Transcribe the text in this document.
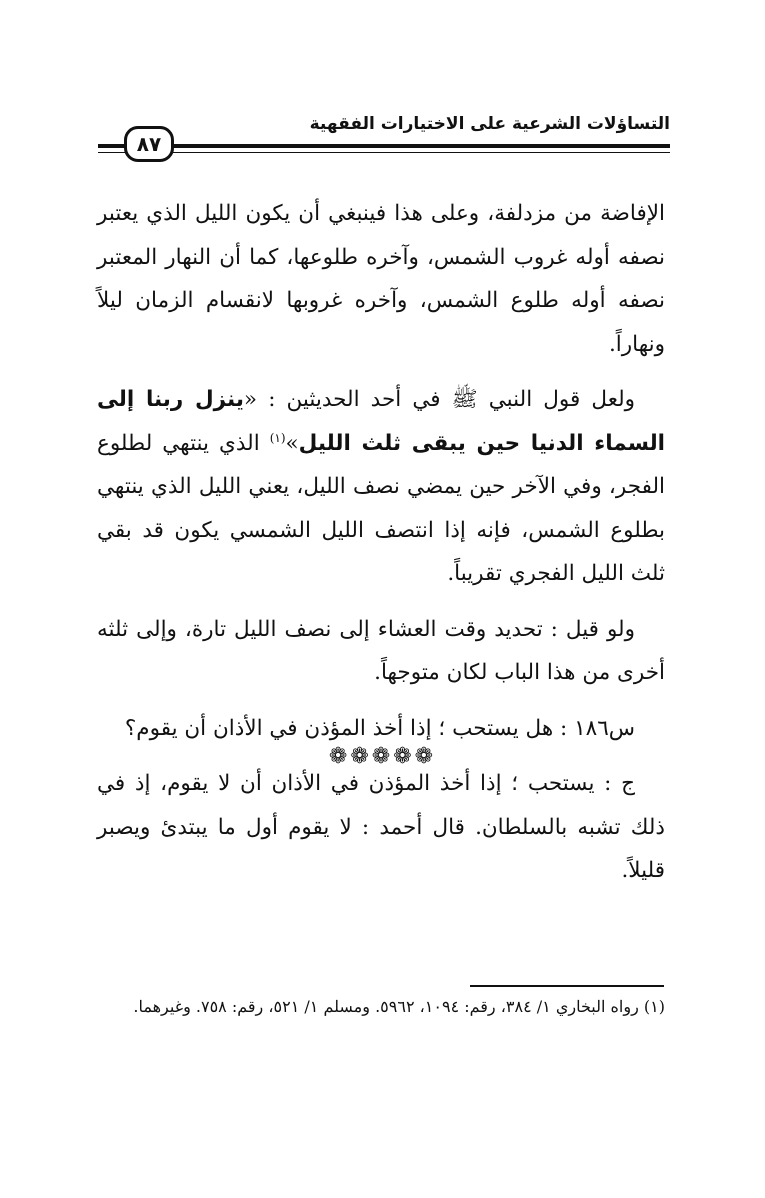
التساؤلات الشرعية على الاختيارات الفقهية
٨٧

الإفاضة من مزدلفة، وعلى هذا فينبغي أن يكون الليل الذي يعتبر نصفه أوله غروب الشمس، وآخره طلوعها، كما أن النهار المعتبر نصفه أوله طلوع الشمس، وآخره غروبها لانقسام الزمان ليلاً ونهاراً.

ولعل قول النبي ﷺ في أحد الحديثين : «ينزل ربنا إلى السماء الدنيا حين يبقى ثلث الليل»$^{(١)}$ الذي ينتهي لطلوع الفجر، وفي الآخر حين يمضي نصف الليل، يعني الليل الذي ينتهي بطلوع الشمس، فإنه إذا انتصف الليل الشمسي يكون قد بقي ثلث الليل الفجري تقريباً.

ولو قيل : تحديد وقت العشاء إلى نصف الليل تارة، وإلى ثلثه أخرى من هذا الباب لكان متوجهاً.

س١٨٦ : هل يستحب ؛ إذا أخذ المؤذن في الأذان أن يقوم؟

ج : يستحب ؛ إذا أخذ المؤذن في الأذان أن لا يقوم، إذ في ذلك تشبه بالسلطان. قال أحمد : لا يقوم أول ما يبتدئ ويصبر قليلاً.

❁❁❁❁❁
(١) رواه البخاري ١/ ٣٨٤، رقم: ١٠٩٤، ٥٩٦٢. ومسلم ١/ ٥٢١، رقم: ٧٥٨. وغيرهما.
